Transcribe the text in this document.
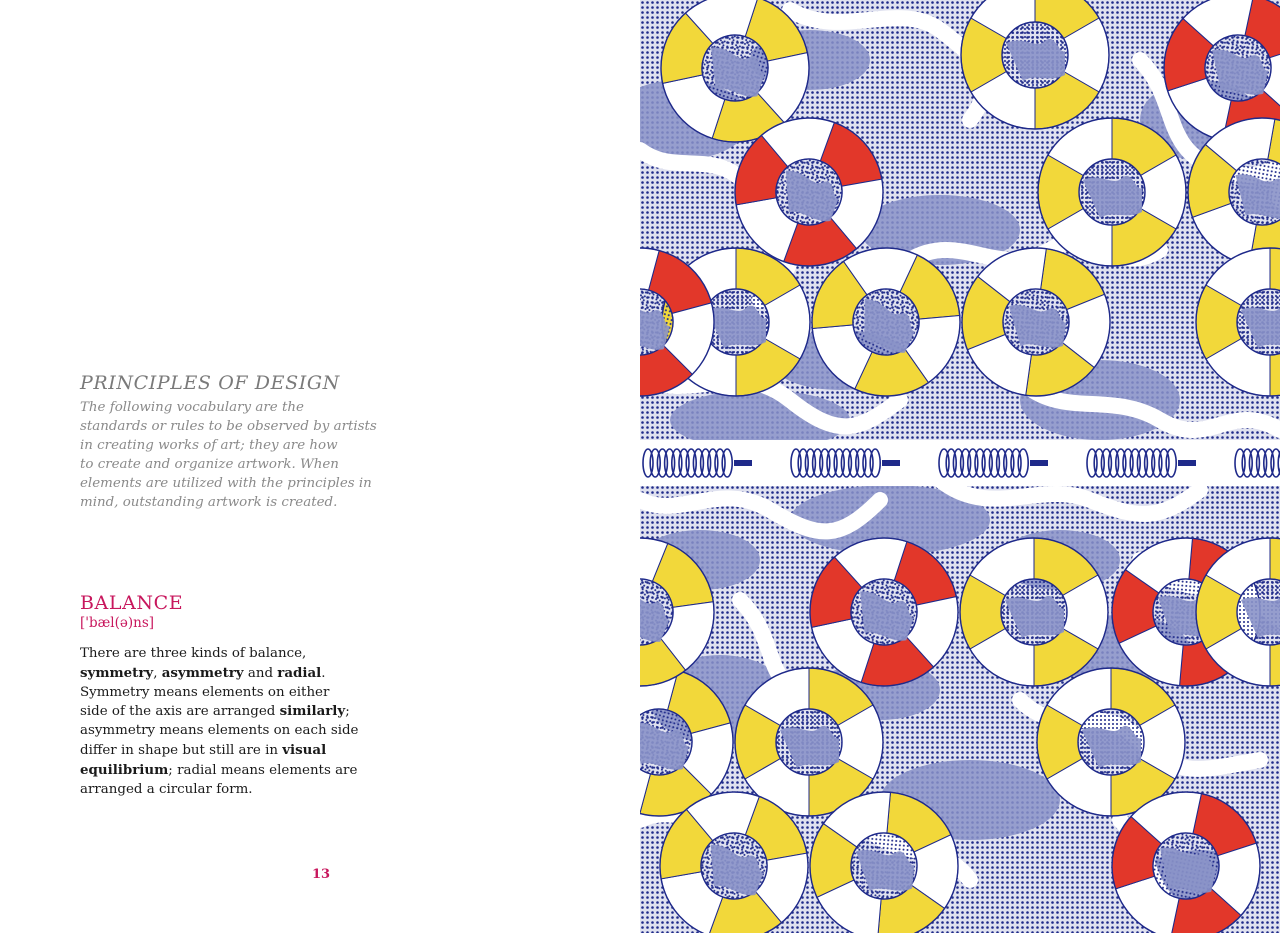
PRINCIPLES OF DESIGN

The following vocabulary are the
standards or rules to be observed by artists
in creating works of art; they are how
to create and organize artwork. When
elements are utilized with the principles in
mind, outstanding artwork is created.

BALANCE
['bæl(ə)ns]

There are three kinds of balance,
symmetry, asymmetry and radial.
Symmetry means elements on either
side of the axis are arranged similarly;
asymmetry means elements on each side
differ in shape but still are in visual
equilibrium; radial means elements are
arranged a circular form.

13
